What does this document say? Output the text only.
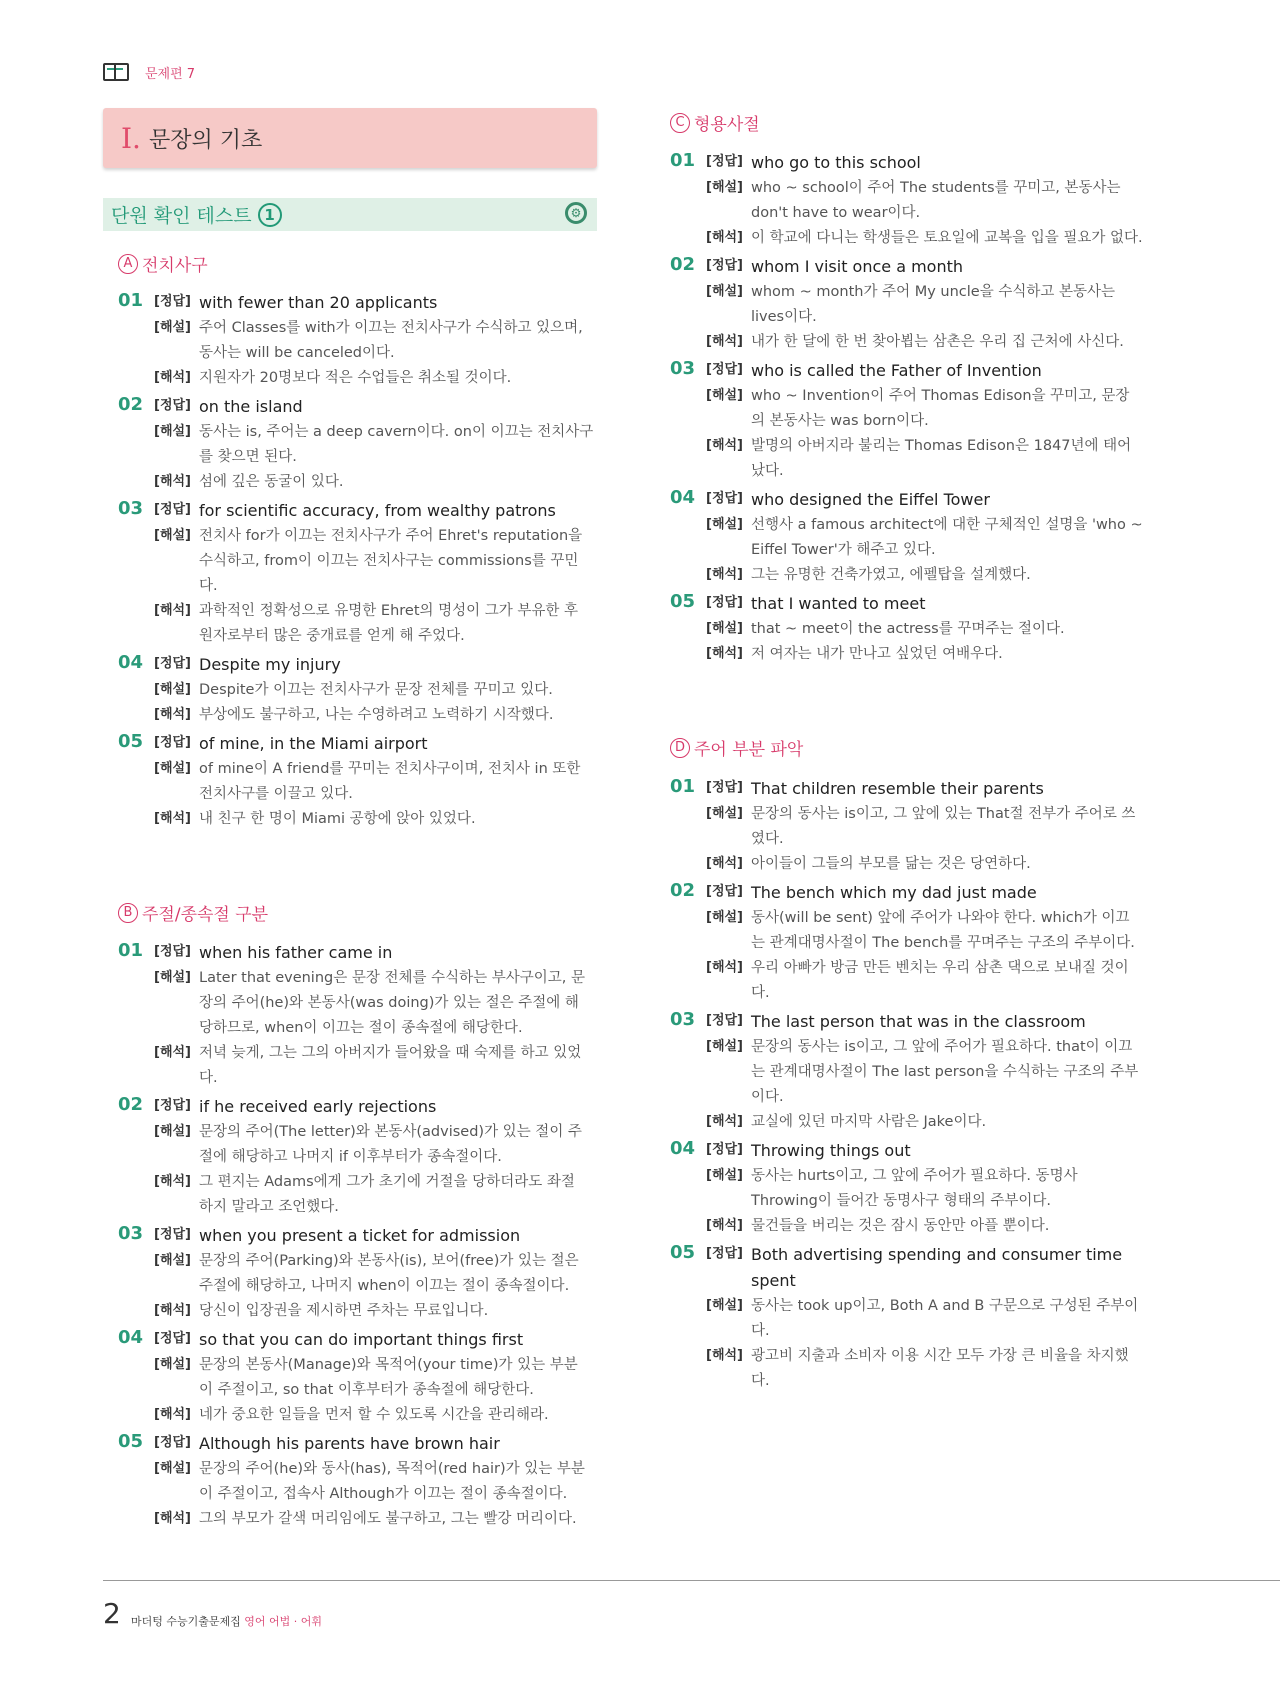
문제편 7
I. 문장의 기초
단원 확인 테스트 1	⚙
A 전치사구
01 [정답] with fewer than 20 applicants
[해설] 주어 Classes를 with가 이끄는 전치사구가 수식하고 있으며,
동사는 will be canceled이다.
[해석] 지원자가 20명보다 적은 수업들은 취소될 것이다.
02 [정답] on the island
[해설] 동사는 is, 주어는 a deep cavern이다. on이 이끄는 전치사구
를 찾으면 된다.
[해석] 섬에 깊은 동굴이 있다.
03 [정답] for scientific accuracy, from wealthy patrons
[해설] 전치사 for가 이끄는 전치사구가 주어 Ehret's reputation을
수식하고, from이 이끄는 전치사구는 commissions를 꾸민
다.
[해석] 과학적인 정확성으로 유명한 Ehret의 명성이 그가 부유한 후
원자로부터 많은 중개료를 얻게 해 주었다.
04 [정답] Despite my injury
[해설] Despite가 이끄는 전치사구가 문장 전체를 꾸미고 있다.
[해석] 부상에도 불구하고, 나는 수영하려고 노력하기 시작했다.
05 [정답] of mine, in the Miami airport
[해설] of mine이 A friend를 꾸미는 전치사구이며, 전치사 in 또한
전치사구를 이끌고 있다.
[해석] 내 친구 한 명이 Miami 공항에 앉아 있었다.
B 주절/종속절 구분
01 [정답] when his father came in
[해설] Later that evening은 문장 전체를 수식하는 부사구이고, 문
장의 주어(he)와 본동사(was doing)가 있는 절은 주절에 해
당하므로, when이 이끄는 절이 종속절에 해당한다.
[해석] 저녁 늦게, 그는 그의 아버지가 들어왔을 때 숙제를 하고 있었
다.
02 [정답] if he received early rejections
[해설] 문장의 주어(The letter)와 본동사(advised)가 있는 절이 주
절에 해당하고 나머지 if 이후부터가 종속절이다.
[해석] 그 편지는 Adams에게 그가 초기에 거절을 당하더라도 좌절
하지 말라고 조언했다.
03 [정답] when you present a ticket for admission
[해설] 문장의 주어(Parking)와 본동사(is), 보어(free)가 있는 절은
주절에 해당하고, 나머지 when이 이끄는 절이 종속절이다.
[해석] 당신이 입장권을 제시하면 주차는 무료입니다.
04 [정답] so that you can do important things first
[해설] 문장의 본동사(Manage)와 목적어(your time)가 있는 부분
이 주절이고, so that 이후부터가 종속절에 해당한다.
[해석] 네가 중요한 일들을 먼저 할 수 있도록 시간을 관리해라.
05 [정답] Although his parents have brown hair
[해설] 문장의 주어(he)와 동사(has), 목적어(red hair)가 있는 부분
이 주절이고, 접속사 Although가 이끄는 절이 종속절이다.
[해석] 그의 부모가 갈색 머리임에도 불구하고, 그는 빨강 머리이다.
C 형용사절
01 [정답] who go to this school
[해설] who ~ school이 주어 The students를 꾸미고, 본동사는
don't have to wear이다.
[해석] 이 학교에 다니는 학생들은 토요일에 교복을 입을 필요가 없다.
02 [정답] whom I visit once a month
[해설] whom ~ month가 주어 My uncle을 수식하고 본동사는
lives이다.
[해석] 내가 한 달에 한 번 찾아뵙는 삼촌은 우리 집 근처에 사신다.
03 [정답] who is called the Father of Invention
[해설] who ~ Invention이 주어 Thomas Edison을 꾸미고, 문장
의 본동사는 was born이다.
[해석] 발명의 아버지라 불리는 Thomas Edison은 1847년에 태어
났다.
04 [정답] who designed the Eiffel Tower
[해설] 선행사 a famous architect에 대한 구체적인 설명을 'who ~
Eiffel Tower'가 해주고 있다.
[해석] 그는 유명한 건축가였고, 에펠탑을 설계했다.
05 [정답] that I wanted to meet
[해설] that ~ meet이 the actress를 꾸며주는 절이다.
[해석] 저 여자는 내가 만나고 싶었던 여배우다.
D 주어 부분 파악
01 [정답] That children resemble their parents
[해설] 문장의 동사는 is이고, 그 앞에 있는 That절 전부가 주어로 쓰
였다.
[해석] 아이들이 그들의 부모를 닮는 것은 당연하다.
02 [정답] The bench which my dad just made
[해설] 동사(will be sent) 앞에 주어가 나와야 한다. which가 이끄
는 관계대명사절이 The bench를 꾸며주는 구조의 주부이다.
[해석] 우리 아빠가 방금 만든 벤치는 우리 삼촌 댁으로 보내질 것이
다.
03 [정답] The last person that was in the classroom
[해설] 문장의 동사는 is이고, 그 앞에 주어가 필요하다. that이 이끄
는 관계대명사절이 The last person을 수식하는 구조의 주부
이다.
[해석] 교실에 있던 마지막 사람은 Jake이다.
04 [정답] Throwing things out
[해설] 동사는 hurts이고, 그 앞에 주어가 필요하다. 동명사
Throwing이 들어간 동명사구 형태의 주부이다.
[해석] 물건들을 버리는 것은 잠시 동안만 아플 뿐이다.
05 [정답] Both advertising spending and consumer time spent
[해설] 동사는 took up이고, Both A and B 구문으로 구성된 주부이
다.
[해석] 광고비 지출과 소비자 이용 시간 모두 가장 큰 비율을 차지했
다.
2 마더텅 수능기출문제집 영어 어법 · 어휘
